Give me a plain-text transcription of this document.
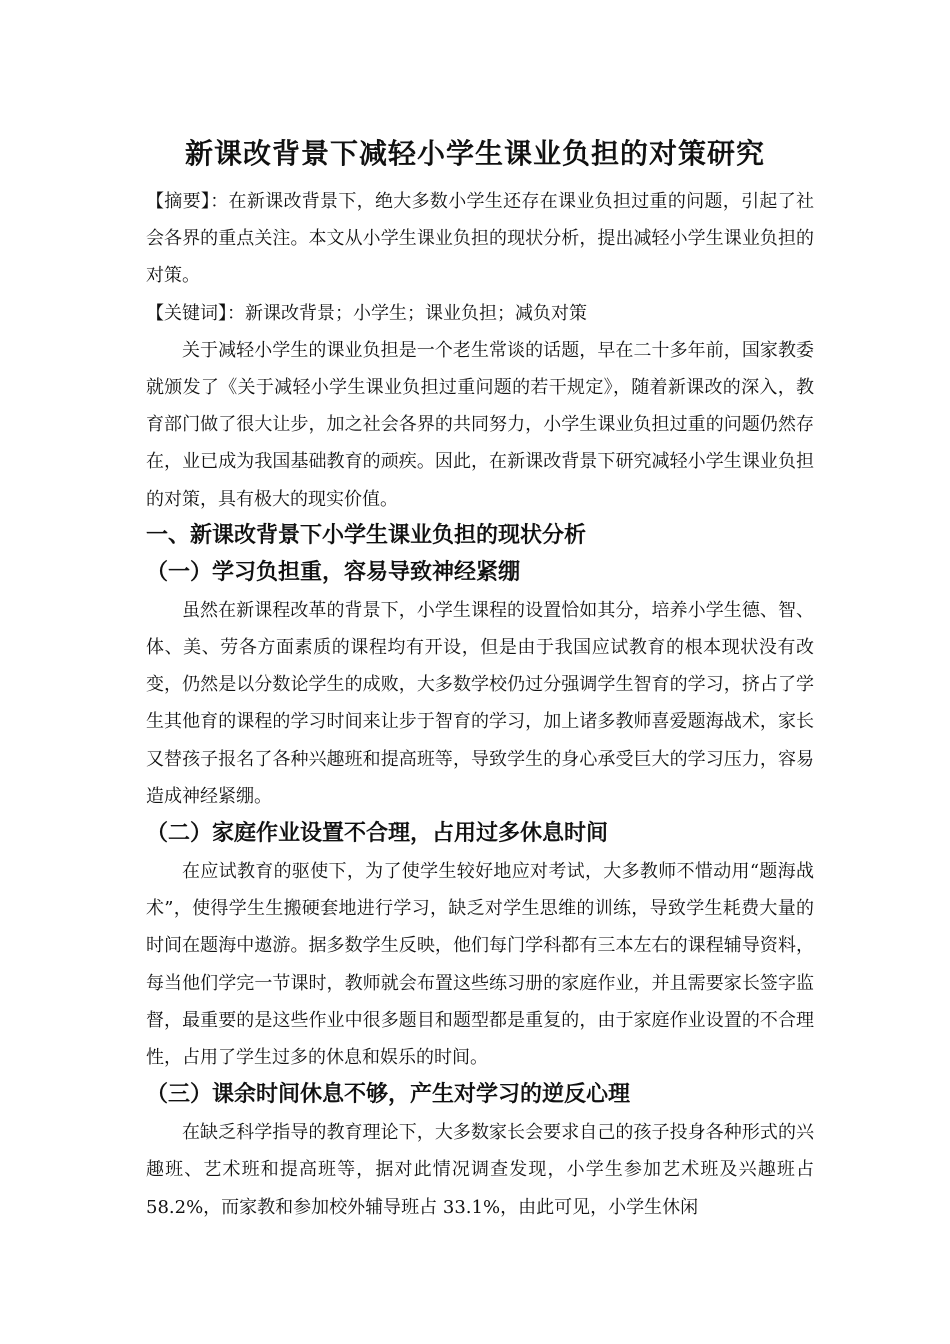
新课改背景下减轻小学生课业负担的对策研究

【摘要】：在新课改背景下，绝大多数小学生还存在课业负担过重的问题，引起了社会各界的重点关注。本文从小学生课业负担的现状分析，提出减轻小学生课业负担的对策。

【关键词】：新课改背景；小学生；课业负担；减负对策

关于减轻小学生的课业负担是一个老生常谈的话题，早在二十多年前，国家教委就颁发了《关于减轻小学生课业负担过重问题的若干规定》，随着新课改的深入，教育部门做了很大让步，加之社会各界的共同努力，小学生课业负担过重的问题仍然存在，业已成为我国基础教育的顽疾。因此，在新课改背景下研究减轻小学生课业负担的对策，具有极大的现实价值。

一、新课改背景下小学生课业负担的现状分析
（一）学习负担重，容易导致神经紧绷

虽然在新课程改革的背景下，小学生课程的设置恰如其分，培养小学生德、智、体、美、劳各方面素质的课程均有开设，但是由于我国应试教育的根本现状没有改变，仍然是以分数论学生的成败，大多数学校仍过分强调学生智育的学习，挤占了学生其他育的课程的学习时间来让步于智育的学习，加上诸多教师喜爱题海战术，家长又替孩子报名了各种兴趣班和提高班等，导致学生的身心承受巨大的学习压力，容易造成神经紧绷。

（二）家庭作业设置不合理，占用过多休息时间

在应试教育的驱使下，为了使学生较好地应对考试，大多教师不惜动用“题海战术”，使得学生生搬硬套地进行学习，缺乏对学生思维的训练，导致学生耗费大量的时间在题海中遨游。据多数学生反映，他们每门学科都有三本左右的课程辅导资料，每当他们学完一节课时，教师就会布置这些练习册的家庭作业，并且需要家长签字监督，最重要的是这些作业中很多题目和题型都是重复的，由于家庭作业设置的不合理性，占用了学生过多的休息和娱乐的时间。

（三）课余时间休息不够，产生对学习的逆反心理

在缺乏科学指导的教育理论下，大多数家长会要求自己的孩子投身各种形式的兴趣班、艺术班和提高班等，据对此情况调查发现，小学生参加艺术班及兴趣班占58.2%，而家教和参加校外辅导班占 33.1%，由此可见，小学生休闲
